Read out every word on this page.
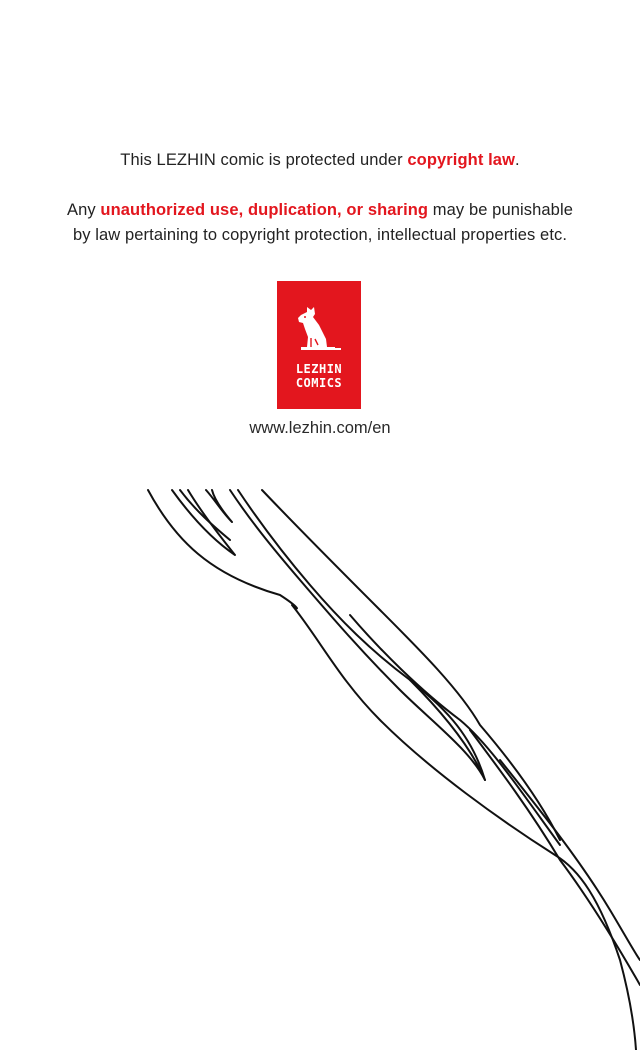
This LEZHIN comic is protected under copyright law.
Any unauthorized use, duplication, or sharing may be punishable
by law pertaining to copyright protection, intellectual properties etc.
LEZHIN
COMICS
www.lezhin.com/en
